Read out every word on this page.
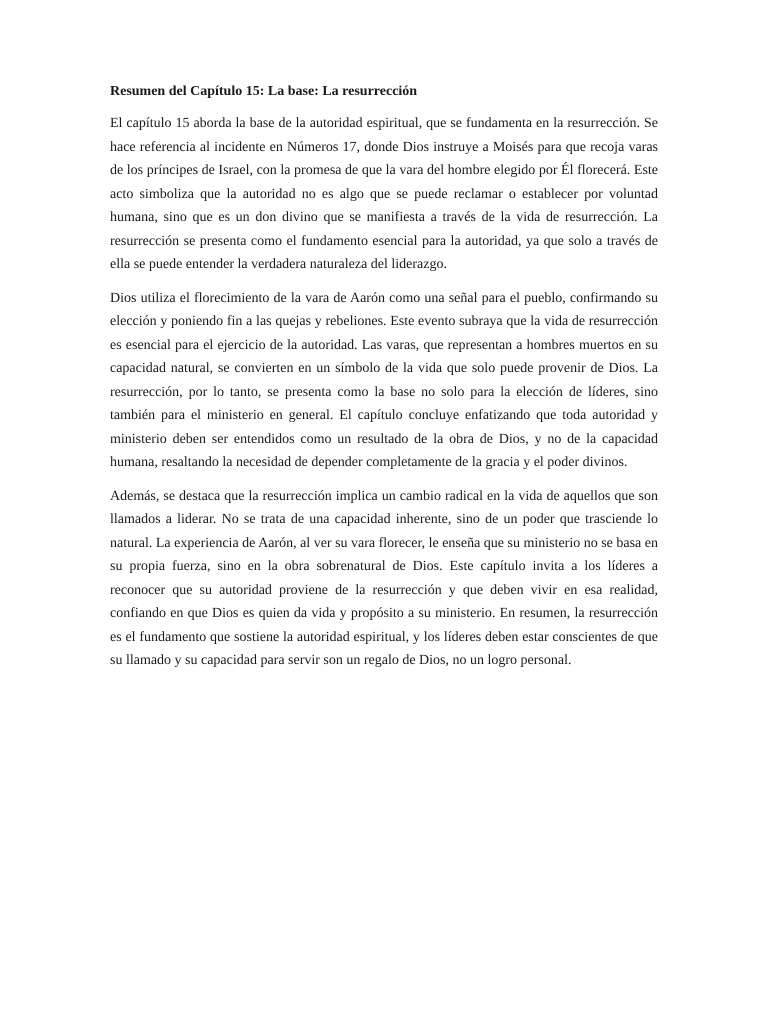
Resumen del Capítulo 15: La base: La resurrección

El capítulo 15 aborda la base de la autoridad espiritual, que se fundamenta en la resurrección. Se hace referencia al incidente en Números 17, donde Dios instruye a Moisés para que recoja varas de los príncipes de Israel, con la promesa de que la vara del hombre elegido por Él florecerá. Este acto simboliza que la autoridad no es algo que se puede reclamar o establecer por voluntad humana, sino que es un don divino que se manifiesta a través de la vida de resurrección. La resurrección se presenta como el fundamento esencial para la autoridad, ya que solo a través de ella se puede entender la verdadera naturaleza del liderazgo.

Dios utiliza el florecimiento de la vara de Aarón como una señal para el pueblo, confirmando su elección y poniendo fin a las quejas y rebeliones. Este evento subraya que la vida de resurrección es esencial para el ejercicio de la autoridad. Las varas, que representan a hombres muertos en su capacidad natural, se convierten en un símbolo de la vida que solo puede provenir de Dios. La resurrección, por lo tanto, se presenta como la base no solo para la elección de líderes, sino también para el ministerio en general. El capítulo concluye enfatizando que toda autoridad y ministerio deben ser entendidos como un resultado de la obra de Dios, y no de la capacidad humana, resaltando la necesidad de depender completamente de la gracia y el poder divinos.

Además, se destaca que la resurrección implica un cambio radical en la vida de aquellos que son llamados a liderar. No se trata de una capacidad inherente, sino de un poder que trasciende lo natural. La experiencia de Aarón, al ver su vara florecer, le enseña que su ministerio no se basa en su propia fuerza, sino en la obra sobrenatural de Dios. Este capítulo invita a los líderes a reconocer que su autoridad proviene de la resurrección y que deben vivir en esa realidad, confiando en que Dios es quien da vida y propósito a su ministerio. En resumen, la resurrección es el fundamento que sostiene la autoridad espiritual, y los líderes deben estar conscientes de que su llamado y su capacidad para servir son un regalo de Dios, no un logro personal.
